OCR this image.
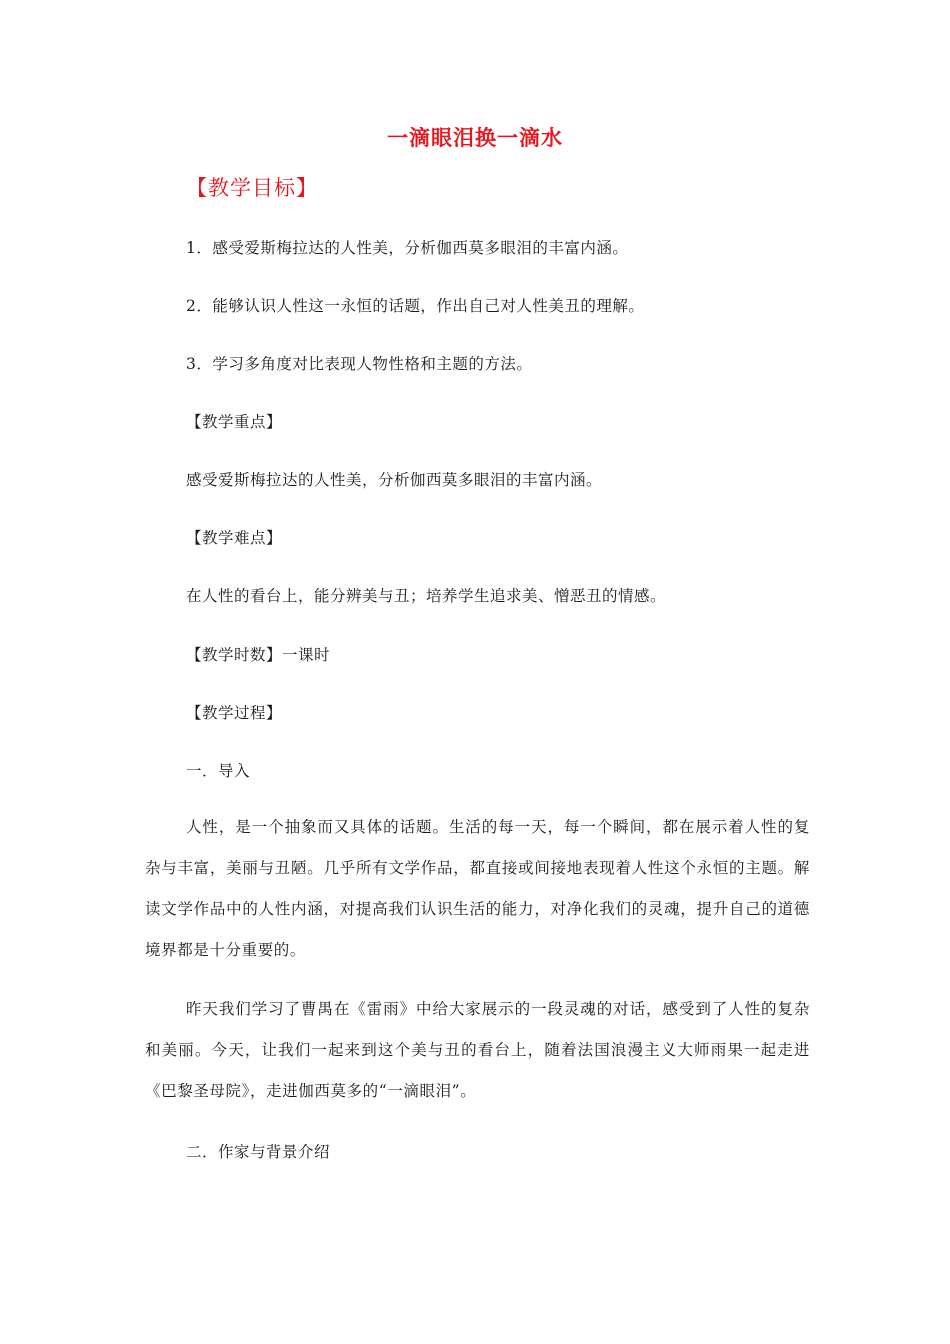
一滴眼泪换一滴水
【教学目标】
1．感受爱斯梅拉达的人性美，分析伽西莫多眼泪的丰富内涵。
2．能够认识人性这一永恒的话题，作出自己对人性美丑的理解。
3．学习多角度对比表现人物性格和主题的方法。
【教学重点】
感受爱斯梅拉达的人性美，分析伽西莫多眼泪的丰富内涵。
【教学难点】
在人性的看台上，能分辨美与丑；培养学生追求美、憎恶丑的情感。
【教学时数】一课时
【教学过程】
一．导入
人性，是一个抽象而又具体的话题。生活的每一天，每一个瞬间，都在展示着人性的复杂与丰富，美丽与丑陋。几乎所有文学作品，都直接或间接地表现着人性这个永恒的主题。解读文学作品中的人性内涵，对提高我们认识生活的能力，对净化我们的灵魂，提升自己的道德境界都是十分重要的。
昨天我们学习了曹禺在《雷雨》中给大家展示的一段灵魂的对话，感受到了人性的复杂和美丽。今天，让我们一起来到这个美与丑的看台上，随着法国浪漫主义大师雨果一起走进《巴黎圣母院》，走进伽西莫多的“一滴眼泪”。
二．作家与背景介绍
